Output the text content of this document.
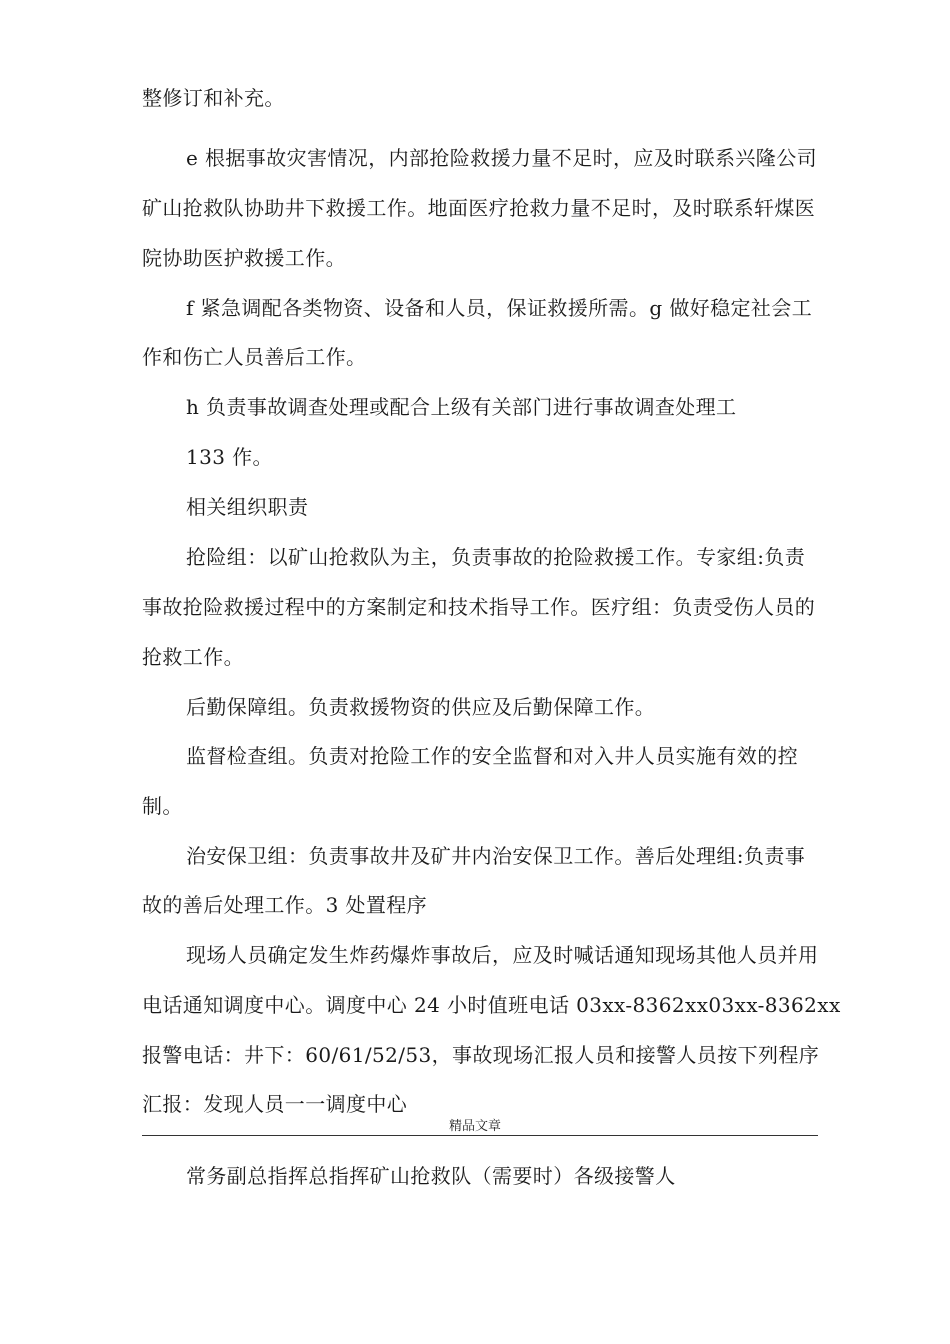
整修订和补充。
e 根据事故灾害情况，内部抢险救援力量不足时，应及时联系兴隆公司
矿山抢救队协助井下救援工作。地面医疗抢救力量不足时，及时联系轩煤医
院协助医护救援工作。
f 紧急调配各类物资、设备和人员，保证救援所需。g 做好稳定社会工
作和伤亡人员善后工作。
h 负责事故调查处理或配合上级有关部门进行事故调查处理工
133 作。
相关组织职责
抢险组：以矿山抢救队为主，负责事故的抢险救援工作。专家组:负责
事故抢险救援过程中的方案制定和技术指导工作。医疗组：负责受伤人员的
抢救工作。
后勤保障组。负责救援物资的供应及后勤保障工作。
监督检查组。负责对抢险工作的安全监督和对入井人员实施有效的控
制。
治安保卫组：负责事故井及矿井内治安保卫工作。善后处理组:负责事
故的善后处理工作。3 处置程序
现场人员确定发生炸药爆炸事故后，应及时喊话通知现场其他人员并用
电话通知调度中心。调度中心 24 小时值班电话 03xx-8362xx03xx-8362xx
报警电话：井下：60/61/52/53，事故现场汇报人员和接警人员按下列程序
汇报：发现人员一一调度中心
精品文章
常务副总指挥总指挥矿山抢救队（需要时）各级接警人
